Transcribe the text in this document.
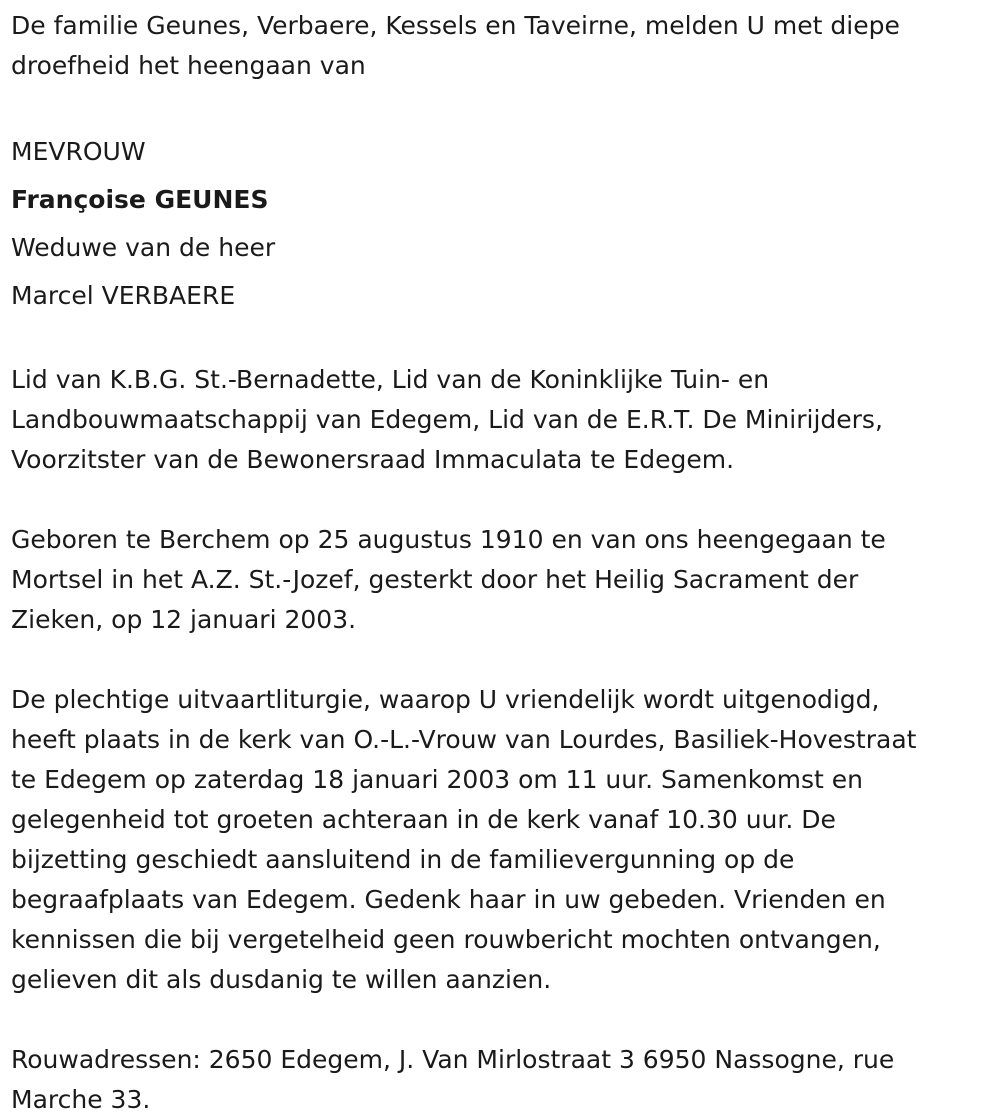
De familie Geunes, Verbaere, Kessels en Taveirne, melden U met diepe
droefheid het heengaan van

MEVROUW

Françoise GEUNES

Weduwe van de heer

Marcel VERBAERE

Lid van K.B.G. St.-Bernadette, Lid van de Koninklijke Tuin- en
Landbouwmaatschappij van Edegem, Lid van de E.R.T. De Minirijders,
Voorzitster van de Bewonersraad Immaculata te Edegem.

Geboren te Berchem op 25 augustus 1910 en van ons heengegaan te
Mortsel in het A.Z. St.-Jozef, gesterkt door het Heilig Sacrament der
Zieken, op 12 januari 2003.

De plechtige uitvaartliturgie, waarop U vriendelijk wordt uitgenodigd,
heeft plaats in de kerk van O.-L.-Vrouw van Lourdes, Basiliek-Hovestraat
te Edegem op zaterdag 18 januari 2003 om 11 uur. Samenkomst en
gelegenheid tot groeten achteraan in de kerk vanaf 10.30 uur. De
bijzetting geschiedt aansluitend in de familievergunning op de
begraafplaats van Edegem. Gedenk haar in uw gebeden. Vrienden en
kennissen die bij vergetelheid geen rouwbericht mochten ontvangen,
gelieven dit als dusdanig te willen aanzien.

Rouwadressen: 2650 Edegem, J. Van Mirlostraat 3 6950 Nassogne, rue
Marche 33.
